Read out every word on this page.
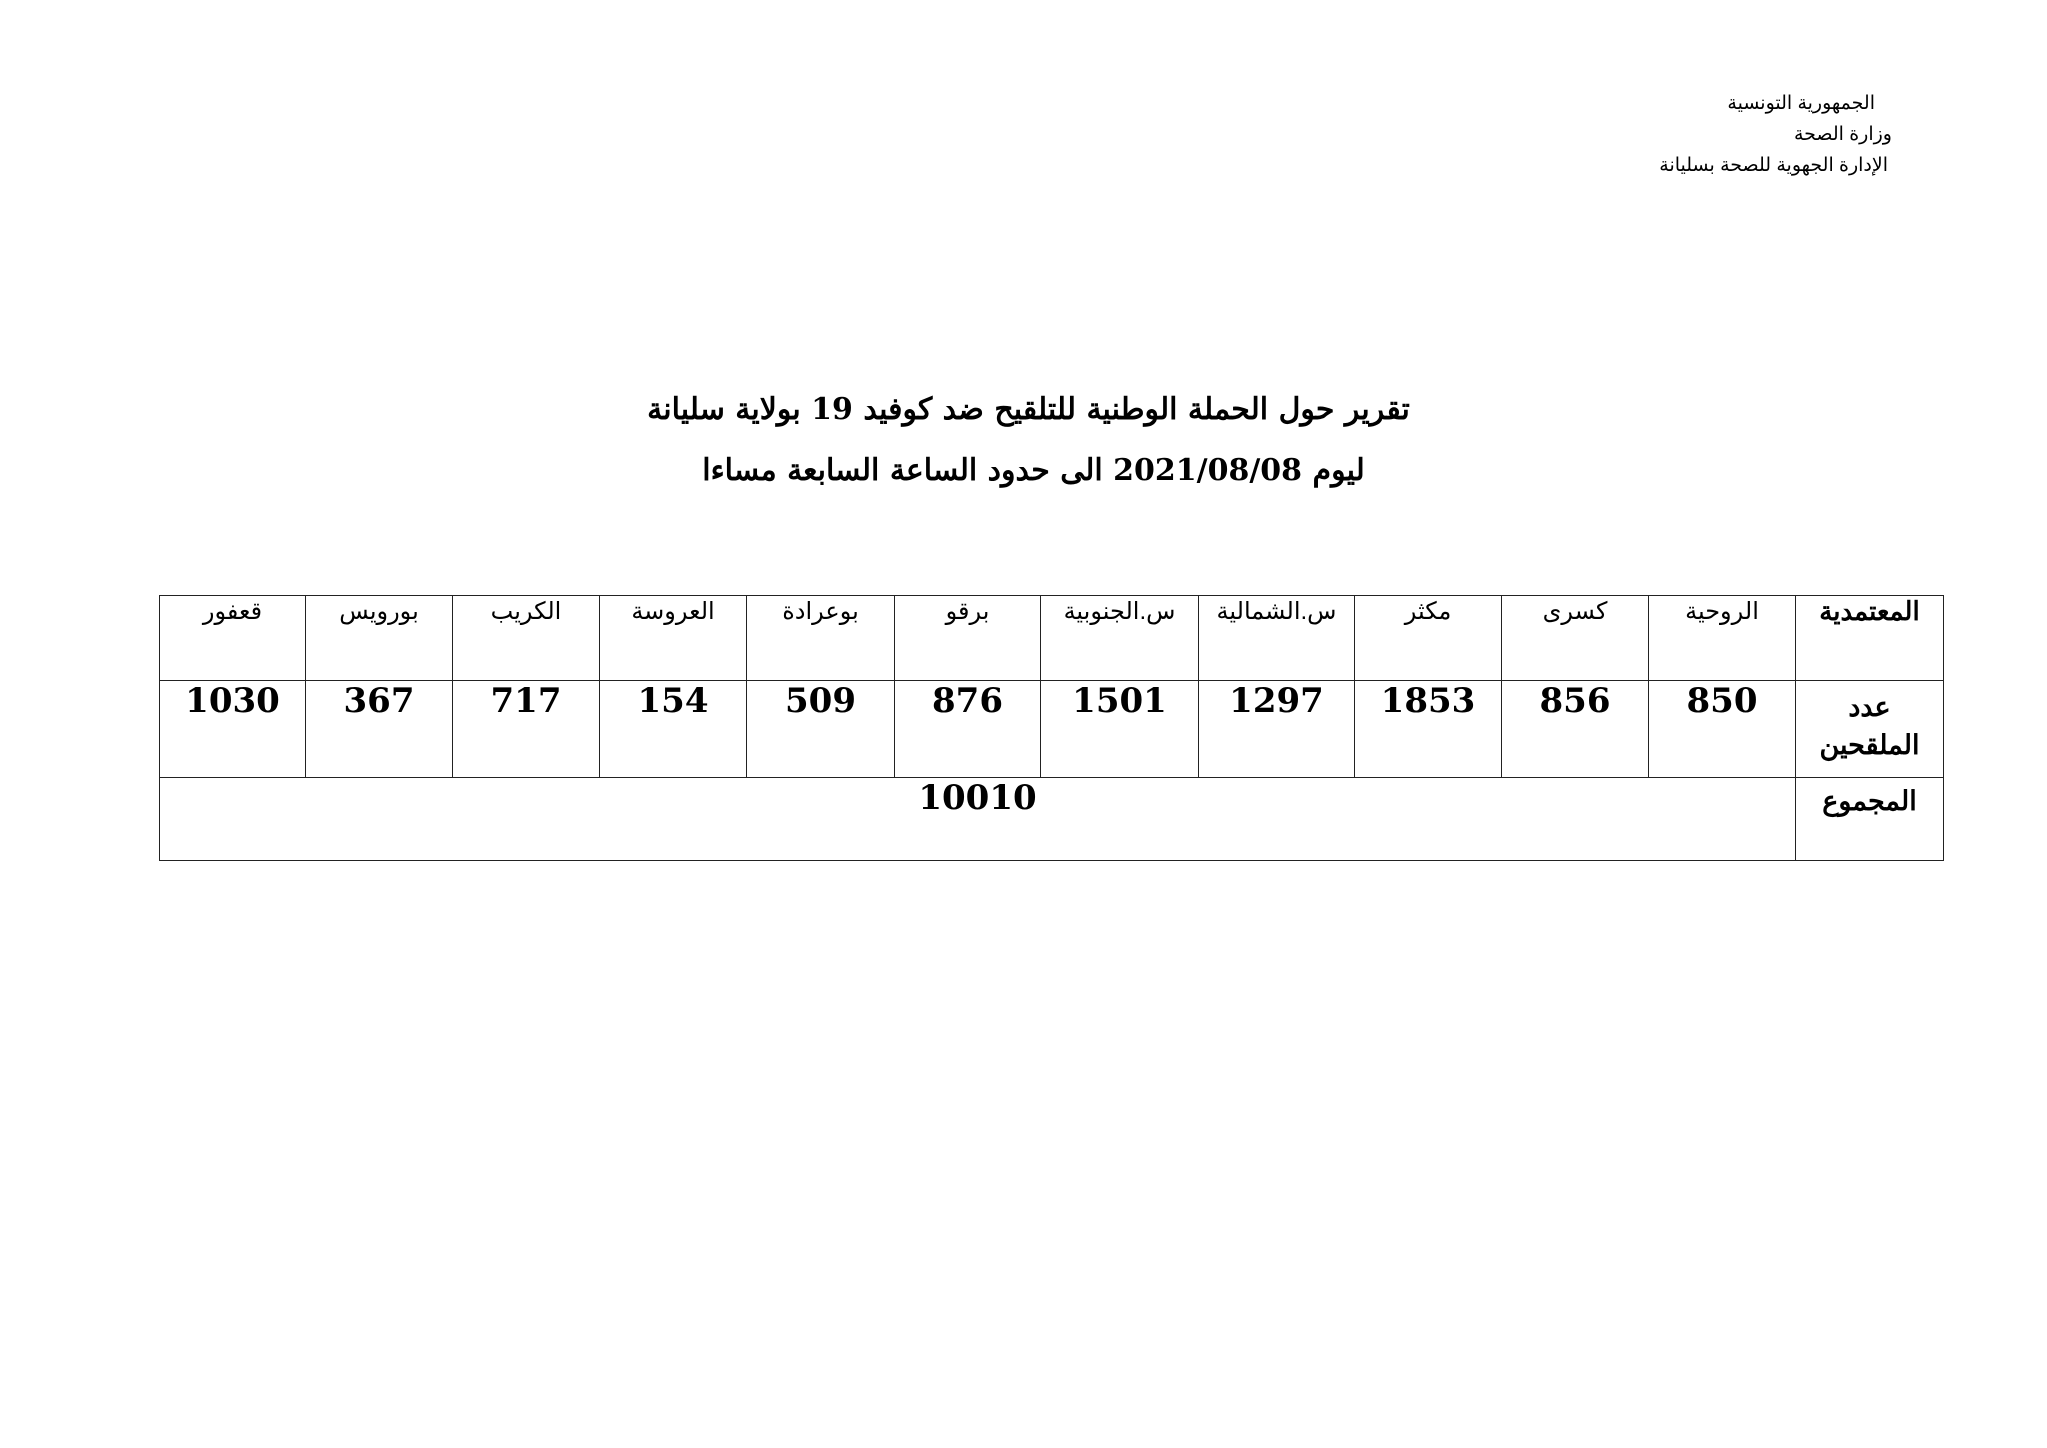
الجمهورية التونسية
وزارة الصحة
الإدارة الجهوية للصحة بسليانة
تقرير حول الحملة الوطنية للتلقيح ضد كوفيد 19 بولاية سليانة
ليوم 2021/08/08 الى حدود الساعة السابعة مساءا
المعتمدية	الروحية	كسرى	مكثر	س.الشمالية	س.الجنوبية	برقو	بوعرادة	العروسة	الكريب	بورويس	قعفور
عدد الملقحين	850	856	1853	1297	1501	876	509	154	717	367	1030
المجموع	10010										
